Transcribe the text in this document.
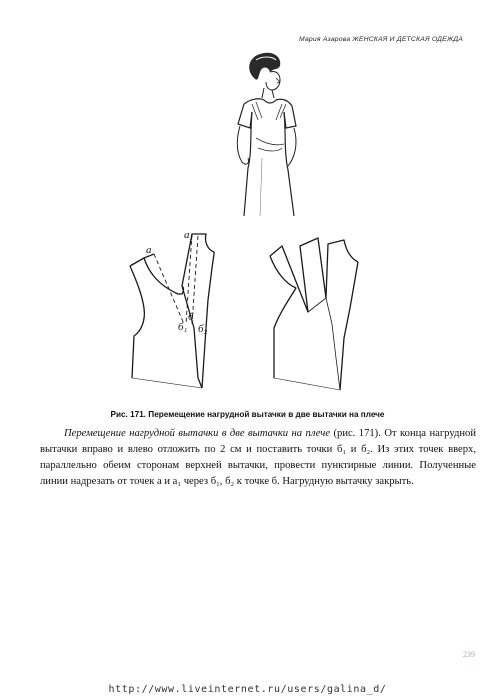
Мария Азарова ЖЕНСКАЯ И ДЕТСКАЯ ОДЕЖДА
a
a₁
б₁
б
б₂
Рис. 171. Перемещение нагрудной вытачки в две вытачки на плече
Перемещение нагрудной вытачки в две вытачки на плече (рис. 171). От конца нагрудной вытачки вправо и влево отложить по 2 см и поставить точки б₁ и б₂. Из этих точек вверх, параллельно обеим сторонам верхней вытачки, провести пунктирные линии. Полученные линии надрезать от точек а и а₁ через б₁, б₂ к точке б. Нагрудную вытачку закрыть.
239
http://www.liveinternet.ru/users/galina_d/
